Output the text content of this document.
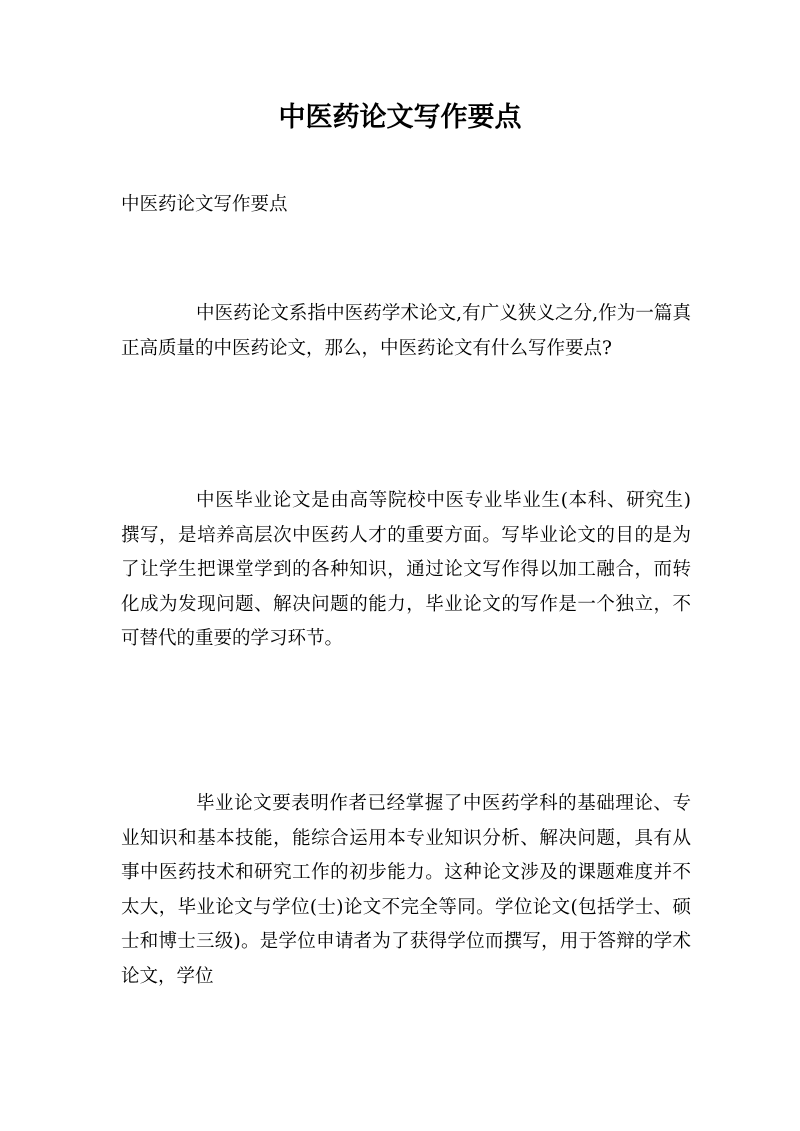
中医药论文写作要点

中医药论文写作要点

中医药论文系指中医药学术论文,有广义狭义之分,作为一篇真正高质量的中医药论文，那么，中医药论文有什么写作要点?

中医毕业论文是由高等院校中医专业毕业生(本科、研究生)撰写，是培养高层次中医药人才的重要方面。写毕业论文的目的是为了让学生把课堂学到的各种知识，通过论文写作得以加工融合，而转化成为发现问题、解决问题的能力，毕业论文的写作是一个独立，不可替代的重要的学习环节。

毕业论文要表明作者已经掌握了中医药学科的基础理论、专业知识和基本技能，能综合运用本专业知识分析、解决问题，具有从事中医药技术和研究工作的初步能力。这种论文涉及的课题难度并不太大，毕业论文与学位(士)论文不完全等同。学位论文(包括学士、硕士和博士三级)。是学位申请者为了获得学位而撰写，用于答辩的学术论文，学位
